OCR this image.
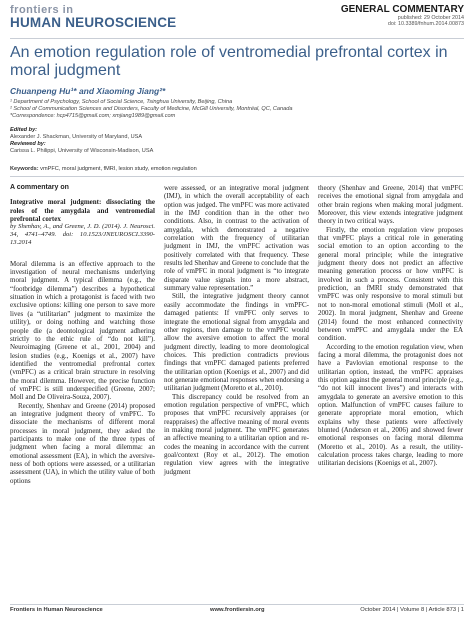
frontiers in
HUMAN NEUROSCIENCE
GENERAL COMMENTARY
published: 29 October 2014
doi: 10.3389/fnhum.2014.00873
An emotion regulation role of ventromedial prefrontal cortex in moral judgment
Chuanpeng Hu¹* and Xiaoming Jiang²*
¹ Department of Psychology, School of Social Science, Tsinghua University, Beijing, China
² School of Communication Sciences and Disorders, Faculty of Medicine, McGill University, Montréal, QC, Canada
*Correspondence: hcp4715@gmail.com; xmjiang1989@gmail.com
Edited by:
Alexander J. Shackman, University of Maryland, USA
Reviewed by:
Carissa L. Philippi, University of Wisconsin-Madison, USA
Keywords: vmPFC, moral judgment, fMRI, lesion study, emotion regulation
A commentary on
Integrative moral judgment: dissociating the roles of the amygdala and ventromedial prefrontal cortex
by Shenhav, A., and Greene, J. D. (2014). J. Neurosci. 34, 4741–4749. doi: 10.1523/JNEUROSCI.3390-13.2014

Moral dilemma is an effective approach to the investigation of neural mechanisms underlying moral judgment. A typical dilemma (e.g., the “footbridge dilemma”) describes a hypothetical situation in which a protagonist is faced with two exclusive options: killing one person to save more lives (a “utilitarian” judgment to maximize the utility), or doing nothing and watching those people die (a deontological judgment adhering strictly to the ethic rule of “do not kill”). Neuroimaging (Greene et al., 2001, 2004) and lesion studies (e.g., Koenigs et al., 2007) have identified the ventromedial prefrontal cortex (vmPFC) as a critical brain structure in resolving the moral dilemma. However, the precise function of vmPFC is still underspecified (Greene, 2007; Moll and De Oliveira-Souza, 2007).

Recently, Shenhav and Greene (2014) proposed an integrative judgment theory of vmPFC. To dissociate the mechanisms of different moral processes in moral judgment, they asked the participants to make one of the three types of judgment when facing a moral dilemma: an emotional assessment (EA), in which the aversive-ness of both options were assessed, or a utilitarian assessment (UA), in which the utility value of both options

were assessed, or an integrative moral judgment (IMJ), in which the overall acceptability of each option was judged. The vmPFC was more activated in the IMJ condition than in the other two conditions. Also, in contrast to the activation of amygdala, which demonstrated a negative correlation with the frequency of utilitarian judgment in IMJ, the vmPFC activation was positively correlated with that frequency. These results led Shenhav and Greene to conclude that the role of vmPFC in moral judgment is “to integrate disparate value signals into a more abstract, summary value representation.”

Still, the integrative judgment theory cannot easily accommodate the findings in vmPFC-damaged patients: If vmPFC only serves to integrate the emotional signal from amygdala and other regions, then damage to the vmPFC would allow the aversive emotion to affect the moral judgment directly, leading to more deontological choices. This prediction contradicts previous findings that vmPFC damaged patients preferred the utilitarian option (Koenigs et al., 2007) and did not generate emotional responses when endorsing a utilitarian judgment (Moretto et al., 2010).

This discrepancy could be resolved from an emotion regulation perspective of vmPFC, which proposes that vmPFC recursively appraises (or reappraises) the affective meaning of moral events in making moral judgment. The vmPFC generates an affective meaning to a utilitarian option and re-codes the meaning in accordance with the current goal/context (Roy et al., 2012). The emotion regulation view agrees with the integrative judgment

theory (Shenhav and Greene, 2014) that vmPFC receives the emotional signal from amygdala and other brain regions when making moral judgment. Moreover, this view extends integrative judgment theory in two critical ways.

Firstly, the emotion regulation view proposes that vmPFC plays a critical role in generating social emotion to an option according to the general moral principle; while the integrative judgment theory does not predict an affective meaning generation process or how vmPFC is involved in such a process. Consistent with this prediction, an fMRI study demonstrated that vmPFC was only responsive to moral stimuli but not to non-moral emotional stimuli (Moll et al., 2002). In moral judgment, Shenhav and Greene (2014) found the most enhanced connectivity between vmPFC and amygdala under the EA condition.

According to the emotion regulation view, when facing a moral dilemma, the protagonist does not have a Pavlovian emotional response to the utilitarian option, instead, the vmPFC appraises this option against the general moral principle (e.g., “do not kill innocent lives”) and interacts with amygdala to generate an aversive emotion to this option. Malfunction of vmPFC causes failure to generate appropriate moral emotion, which explains why these patients were affectively blunted (Anderson et al., 2006) and showed fewer emotional responses on facing moral dilemma (Moretto et al., 2010). As a result, the utility-calculation process takes charge, leading to more utilitarian decisions (Koenigs et al., 2007).

Frontiers in Human Neuroscience	www.frontiersin.org	October 2014 | Volume 8 | Article 873 | 1
